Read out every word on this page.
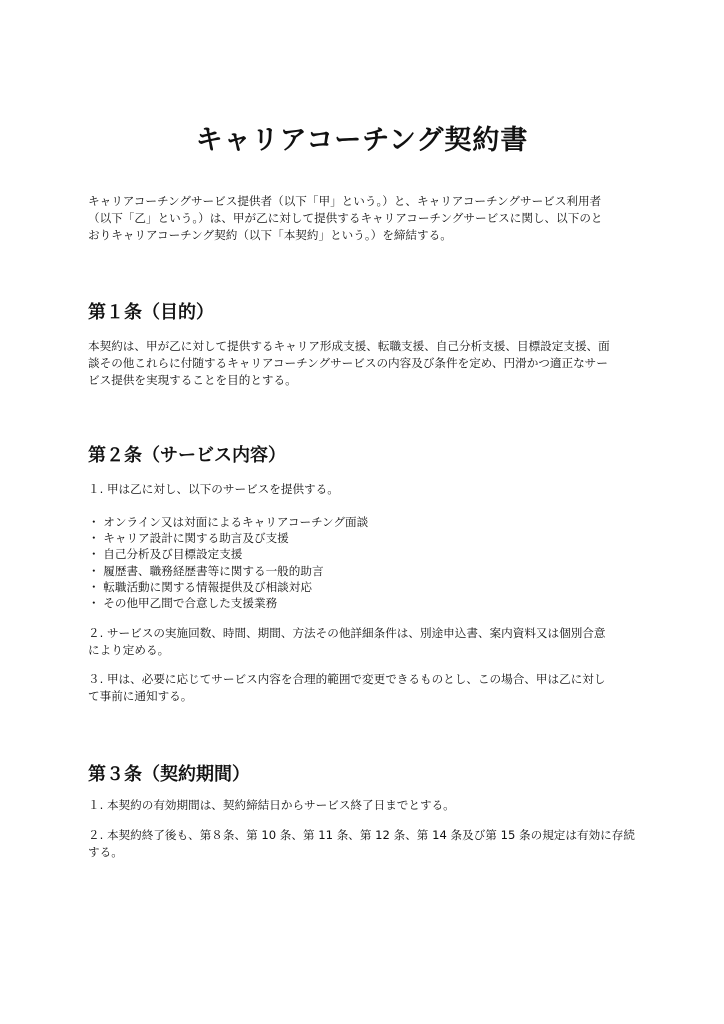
キャリアコーチング契約書

キャリアコーチングサービス提供者（以下「甲」という。）と、キャリアコーチングサービス利用者

（以下「乙」という。）は、甲が乙に対して提供するキャリアコーチングサービスに関し、以下のと

おりキャリアコーチング契約（以下「本契約」という。）を締結する。

第１条（目的）

本契約は、甲が乙に対して提供するキャリア形成支援、転職支援、自己分析支援、目標設定支援、面

談その他これらに付随するキャリアコーチングサービスの内容及び条件を定め、円滑かつ適正なサー

ビス提供を実現することを目的とする。

第２条（サービス内容）

１. 甲は乙に対し、以下のサービスを提供する。

・ オンライン又は対面によるキャリアコーチング面談
・ キャリア設計に関する助言及び支援
・ 自己分析及び目標設定支援
・ 履歴書、職務経歴書等に関する一般的助言
・ 転職活動に関する情報提供及び相談対応
・ その他甲乙間で合意した支援業務

２. サービスの実施回数、時間、期間、方法その他詳細条件は、別途申込書、案内資料又は個別合意

により定める。

３. 甲は、必要に応じてサービス内容を合理的範囲で変更できるものとし、この場合、甲は乙に対し

て事前に通知する。

第３条（契約期間）

１. 本契約の有効期間は、契約締結日からサービス終了日までとする。

２. 本契約終了後も、第８条、第 10 条、第 11 条、第 12 条、第 14 条及び第 15 条の規定は有効に存続

する。
